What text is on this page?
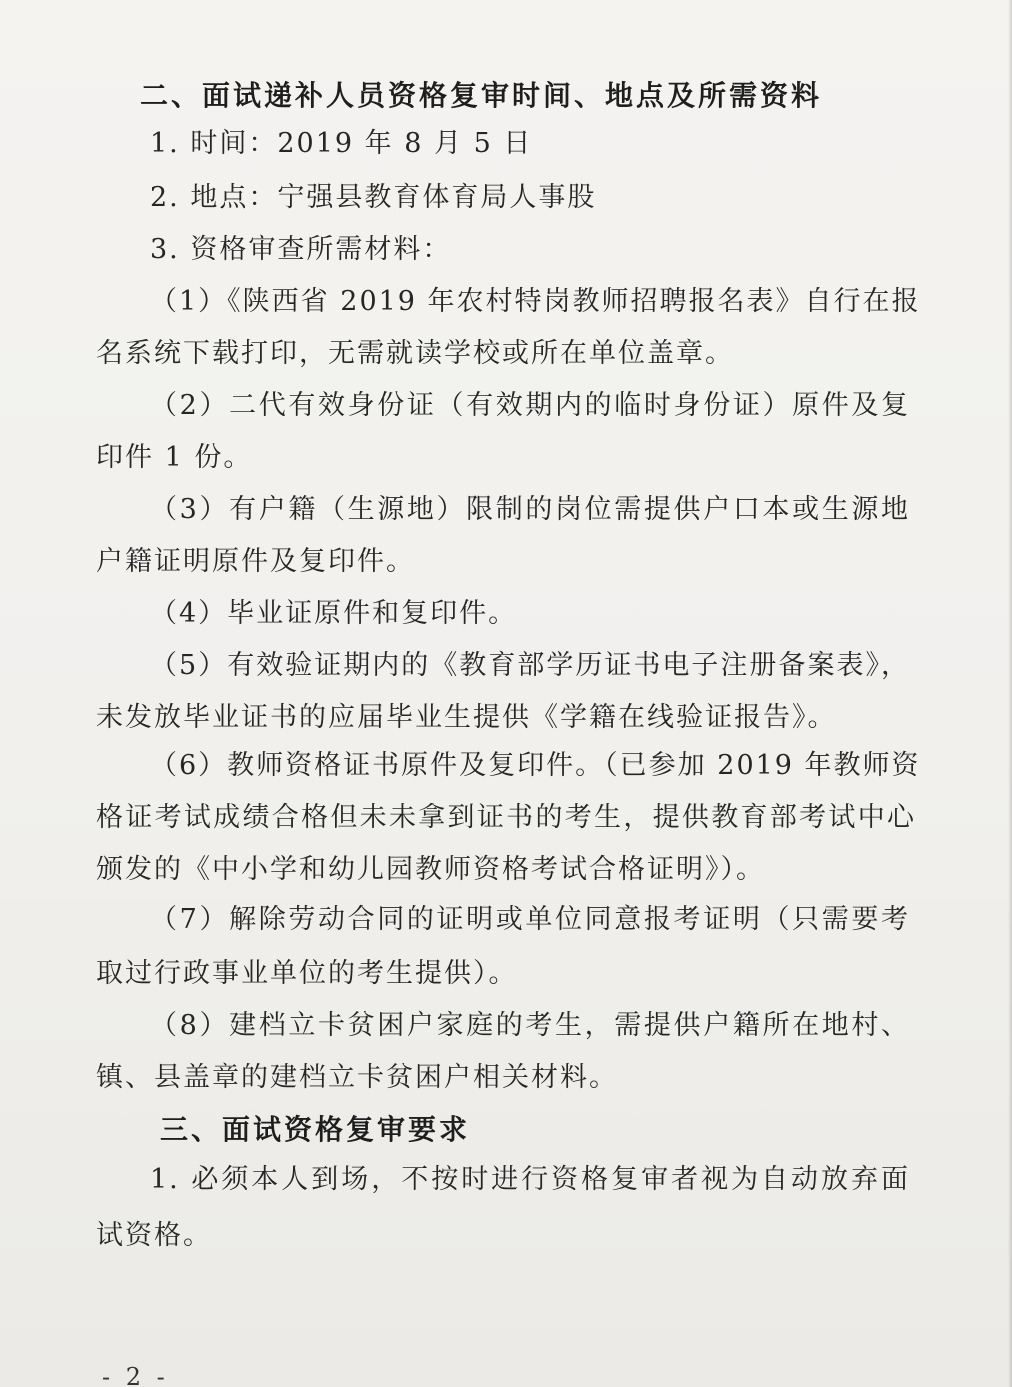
二、面试递补人员资格复审时间、地点及所需资料
1. 时间：2019 年 8 月 5 日
2. 地点：宁强县教育体育局人事股
3. 资格审查所需材料：
（1）《陕西省 2019 年农村特岗教师招聘报名表》自行在报
名系统下载打印，无需就读学校或所在单位盖章。
（2）二代有效身份证（有效期内的临时身份证）原件及复
印件 1 份。
（3）有户籍（生源地）限制的岗位需提供户口本或生源地
户籍证明原件及复印件。
（4）毕业证原件和复印件。
（5）有效验证期内的《教育部学历证书电子注册备案表》，
未发放毕业证书的应届毕业生提供《学籍在线验证报告》。
（6）教师资格证书原件及复印件。（已参加 2019 年教师资
格证考试成绩合格但未未拿到证书的考生，提供教育部考试中心
颁发的《中小学和幼儿园教师资格考试合格证明》）。
（7）解除劳动合同的证明或单位同意报考证明（只需要考
取过行政事业单位的考生提供）。
（8）建档立卡贫困户家庭的考生，需提供户籍所在地村、
镇、县盖章的建档立卡贫困户相关材料。
三、面试资格复审要求
1. 必须本人到场，不按时进行资格复审者视为自动放弃面
试资格。
- 2 -
